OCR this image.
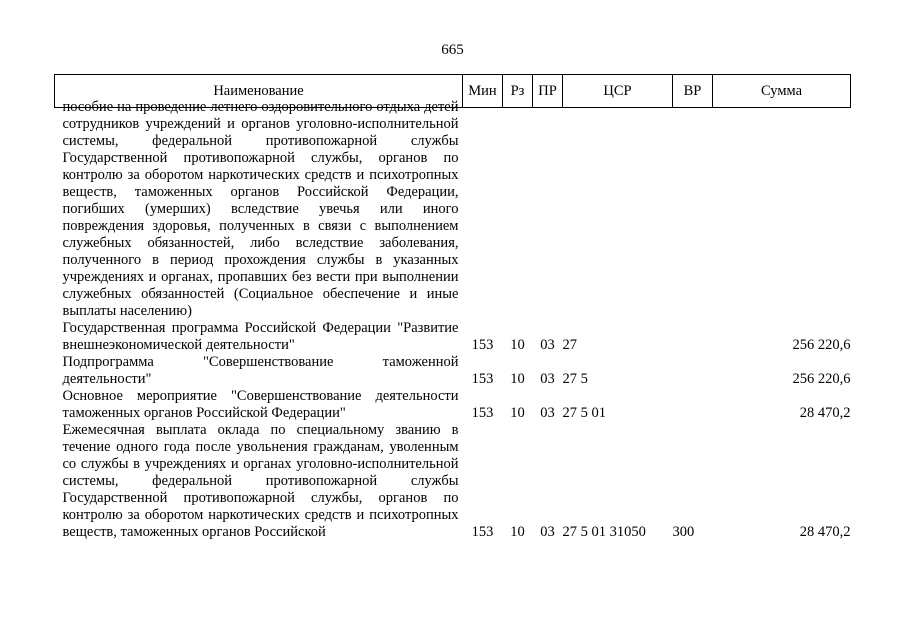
665
Наименование	Мин	Рз	ПР	ЦСР	ВР	Сумма

пособие на проведение летнего оздоровительного отдыха детей сотрудников учреждений и органов уголовно-исполнительной системы, федеральной противопожарной службы Государственной противопожарной службы, органов по контролю за оборотом наркотических средств и психотропных веществ, таможенных органов Российской Федерации, погибших (умерших) вследствие увечья или иного повреждения здоровья, полученных в связи с выполнением служебных обязанностей, либо вследствие заболевания, полученного в период прохождения службы в указанных учреждениях и органах, пропавших без вести при выполнении служебных обязанностей (Социальное обеспечение и иные выплаты населению)						

Государственная программа Российской Федерации "Развитие внешнеэкономической деятельности"	153	10	03	27		256 220,6
Подпрограмма "Совершенствование таможенной деятельности"	153	10	03	27 5		256 220,6
Основное мероприятие "Совершенствование деятельности таможенных органов Российской Федерации"	153	10	03	27 5 01		28 470,2
Ежемесячная выплата оклада по специальному званию в течение одного года после увольнения гражданам, уволенным со службы в учреждениях и органах уголовно-исполнительной системы, федеральной противопожарной службы Государственной противопожарной службы, органов по контролю за оборотом наркотических средств и психотропных веществ, таможенных органов Российской	153	10	03	27 5 01 31050	300	28 470,2
